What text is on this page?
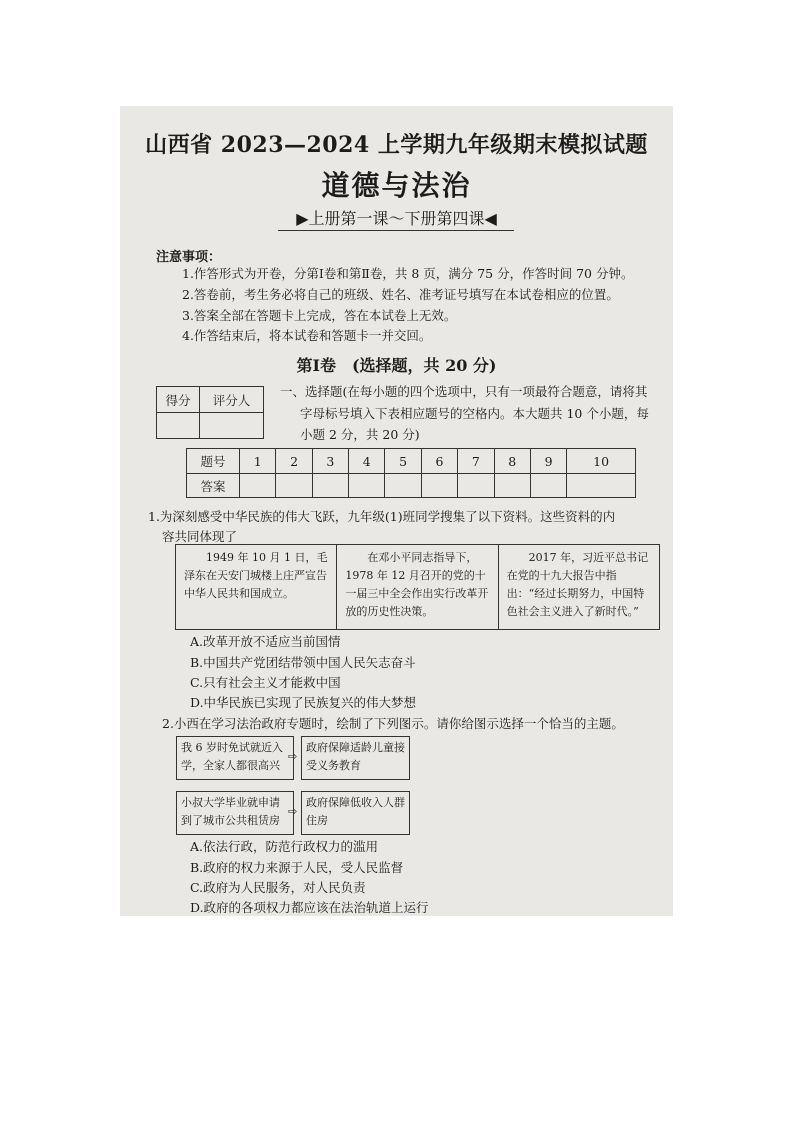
山西省 2023—2024 上学期九年级期末模拟试题
道德与法治
▶上册第一课～下册第四课◀
注意事项：
1.作答形式为开卷，分第Ⅰ卷和第Ⅱ卷，共 8 页，满分 75 分，作答时间 70 分钟。
2.答卷前，考生务必将自己的班级、姓名、准考证号填写在本试卷相应的位置。
3.答案全部在答题卡上完成，答在本试卷上无效。
4.作答结束后，将本试卷和答题卡一并交回。
第Ⅰ卷　(选择题，共 20 分)
得分	评分人

一、选择题(在每小题的四个选项中，只有一项最符合题意，请将其
字母标号填入下表相应题号的空格内。本大题共 10 个小题，每
小题 2 分，共 20 分)
题号	1	2	3	4	5	6	7	8	9	10
答案										
1.为深刻感受中华民族的伟大飞跃，九年级(1)班同学搜集了以下资料。这些资料的内
容共同体现了
1949 年 10 月 1 日，毛泽东在天安门城楼上庄严宣告中华人民共和国成立。
在邓小平同志指导下，1978 年 12 月召开的党的十一届三中全会作出实行改革开放的历史性决策。
2017 年，习近平总书记在党的十九大报告中指出：“经过长期努力，中国特色社会主义进入了新时代。”
A.改革开放不适应当前国情
B.中国共产党团结带领中国人民矢志奋斗
C.只有社会主义才能救中国
D.中华民族已实现了民族复兴的伟大梦想
2.小西在学习法治政府专题时，绘制了下列图示。请你给图示选择一个恰当的主题。
我 6 岁时免试就近入学，全家人都很高兴
⇨
政府保障适龄儿童接受义务教育
小叔大学毕业就申请到了城市公共租赁房
⇨
政府保障低收入人群住房
A.依法行政，防范行政权力的滥用
B.政府的权力来源于人民，受人民监督
C.政府为人民服务，对人民负责
D.政府的各项权力都应该在法治轨道上运行
